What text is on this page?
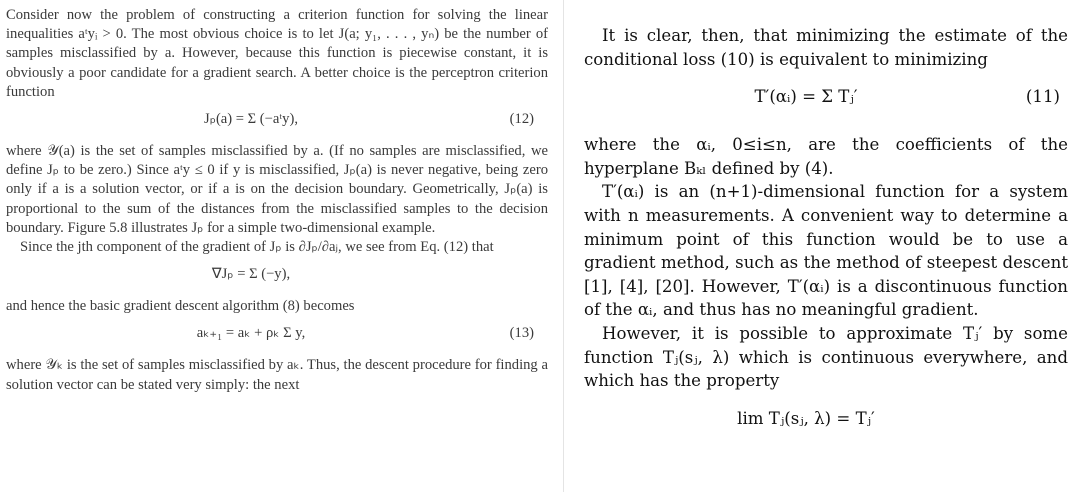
Consider now the problem of constructing a criterion function for solving the linear inequalities aᵗyᵢ > 0. The most obvious choice is to let J(a; y₁, . . . , yₙ) be the number of samples misclassified by a. However, because this function is piecewise constant, it is obviously a poor candidate for a gradient search. A better choice is the perceptron criterion function

Jₚ(a) = Σ (−aᵗy),	(12)

where 𝒴(a) is the set of samples misclassified by a. (If no samples are misclassified, we define Jₚ to be zero.) Since aᵗy ≤ 0 if y is misclassified, Jₚ(a) is never negative, being zero only if a is a solution vector, or if a is on the decision boundary. Geometrically, Jₚ(a) is proportional to the sum of the distances from the misclassified samples to the decision boundary. Figure 5.8 illustrates Jₚ for a simple two-dimensional example.

Since the jth component of the gradient of Jₚ is ∂Jₚ/∂aⱼ, we see from Eq. (12) that

∇Jₚ = Σ (−y),

and hence the basic gradient descent algorithm (8) becomes

aₖ₊₁ = aₖ + ρₖ Σ y,	(13)

where 𝒴ₖ is the set of samples misclassified by aₖ. Thus, the descent procedure for finding a solution vector can be stated very simply: the next

It is clear, then, that minimizing the estimate of the conditional loss (10) is equivalent to minimizing

T′(αᵢ) = Σ Tⱼ′	(11)

where the αᵢ, 0≤i≤n, are the coefficients of the hyperplane Bₖₗ defined by (4).

T′(αᵢ) is an (n+1)-dimensional function for a system with n measurements. A convenient way to determine a minimum point of this function would be to use a gradient method, such as the method of steepest descent [1], [4], [20]. However, T′(αᵢ) is a discontinuous function of the αᵢ, and thus has no meaningful gradient.

However, it is possible to approximate Tⱼ′ by some function Tⱼ(sⱼ, λ) which is continuous everywhere, and which has the property

lim Tⱼ(sⱼ, λ) = Tⱼ′
